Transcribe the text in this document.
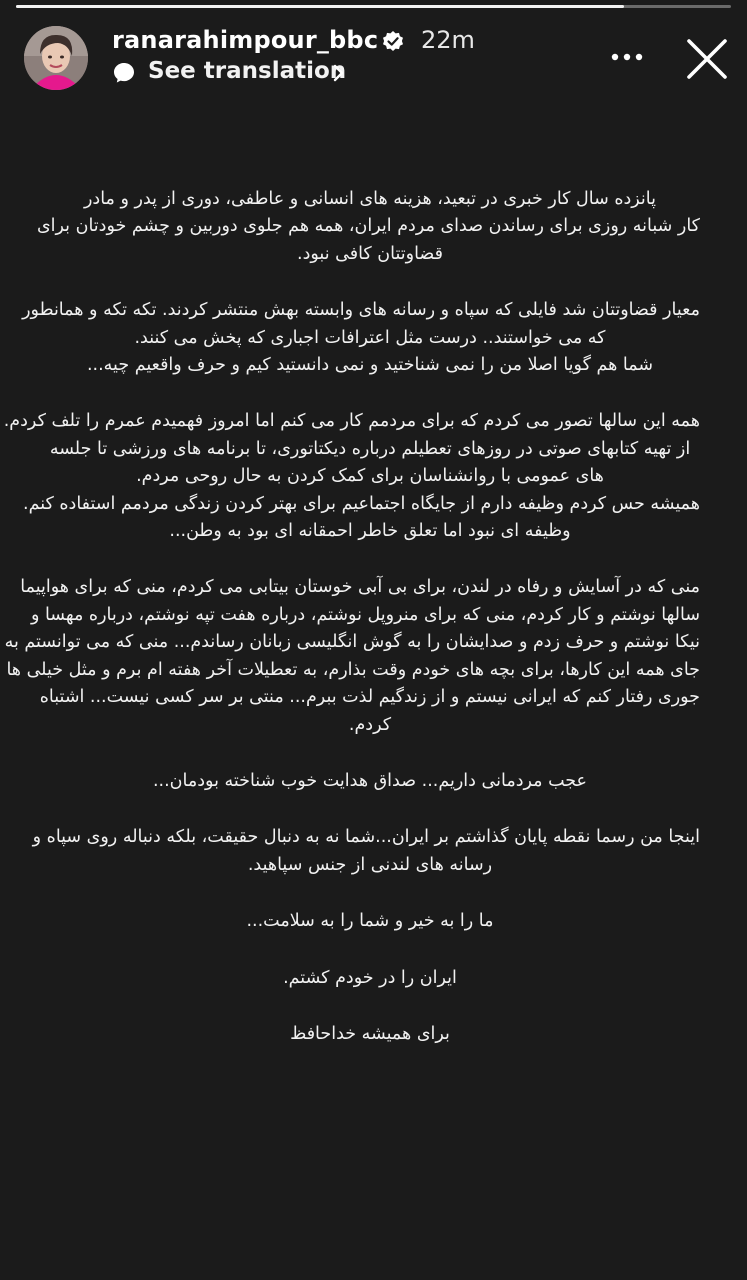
ranarahimpour_bbc 22m
See translation

پانزده سال کار خبری در تبعید، هزینه های انسانی و عاطفی، دوری از پدر و مادر
کار شبانه روزی برای رساندن صدای مردم ایران، همه هم جلوی دوربین و چشم خودتان برای
قضاوتتان کافی نبود.

معیار قضاوتتان شد فایلی که سپاه و رسانه های وابسته بهش منتشر کردند. تکه تکه و همانطور
که می خواستند.. درست مثل اعترافات اجباری که پخش می کنند.
شما هم گویا اصلا من را نمی شناختید و نمی دانستید کیم و حرف واقعیم چیه...

همه این سالها تصور می کردم که برای مردمم کار می کنم اما امروز فهمیدم عمرم را تلف کردم.
از تهیه کتابهای صوتی در روزهای تعطیلم درباره دیکتاتوری، تا برنامه های ورزشی تا جلسه
های عمومی با روانشناسان برای کمک کردن به حال روحی مردم.
همیشه حس کردم وظیفه دارم از جایگاه اجتماعیم برای بهتر کردن زندگی مردمم استفاده کنم.
وظیفه ای نبود اما تعلق خاطر احمقانه ای بود به وطن...

منی که در آسایش و رفاه در لندن، برای بی آبی خوستان بیتابی می کردم، منی که برای هواپیما
سالها نوشتم و کار کردم، منی که برای منروپل نوشتم، درباره هفت تپه نوشتم، درباره مهسا و
نیکا نوشتم و حرف زدم و صدایشان را به گوش انگلیسی زبانان رساندم... منی که می توانستم به
جای همه این کارها، برای بچه های خودم وقت بذارم، به تعطیلات آخر هفته ام برم و مثل خیلی ها
جوری رفتار کنم که ایرانی نیستم و از زندگیم لذت ببرم... منتی بر سر کسی نیست... اشتباه
کردم.

عجب مردمانی داریم... صداق هدایت خوب شناخته بودمان...

اینجا من رسما نقطه پایان گذاشتم بر ایران...شما نه به دنبال حقیقت، بلکه دنباله روی سپاه و
رسانه های لندنی از جنس سپاهید.

ما را به خیر و شما را به سلامت...

ایران را در خودم کشتم.

برای همیشه خداحافظ
